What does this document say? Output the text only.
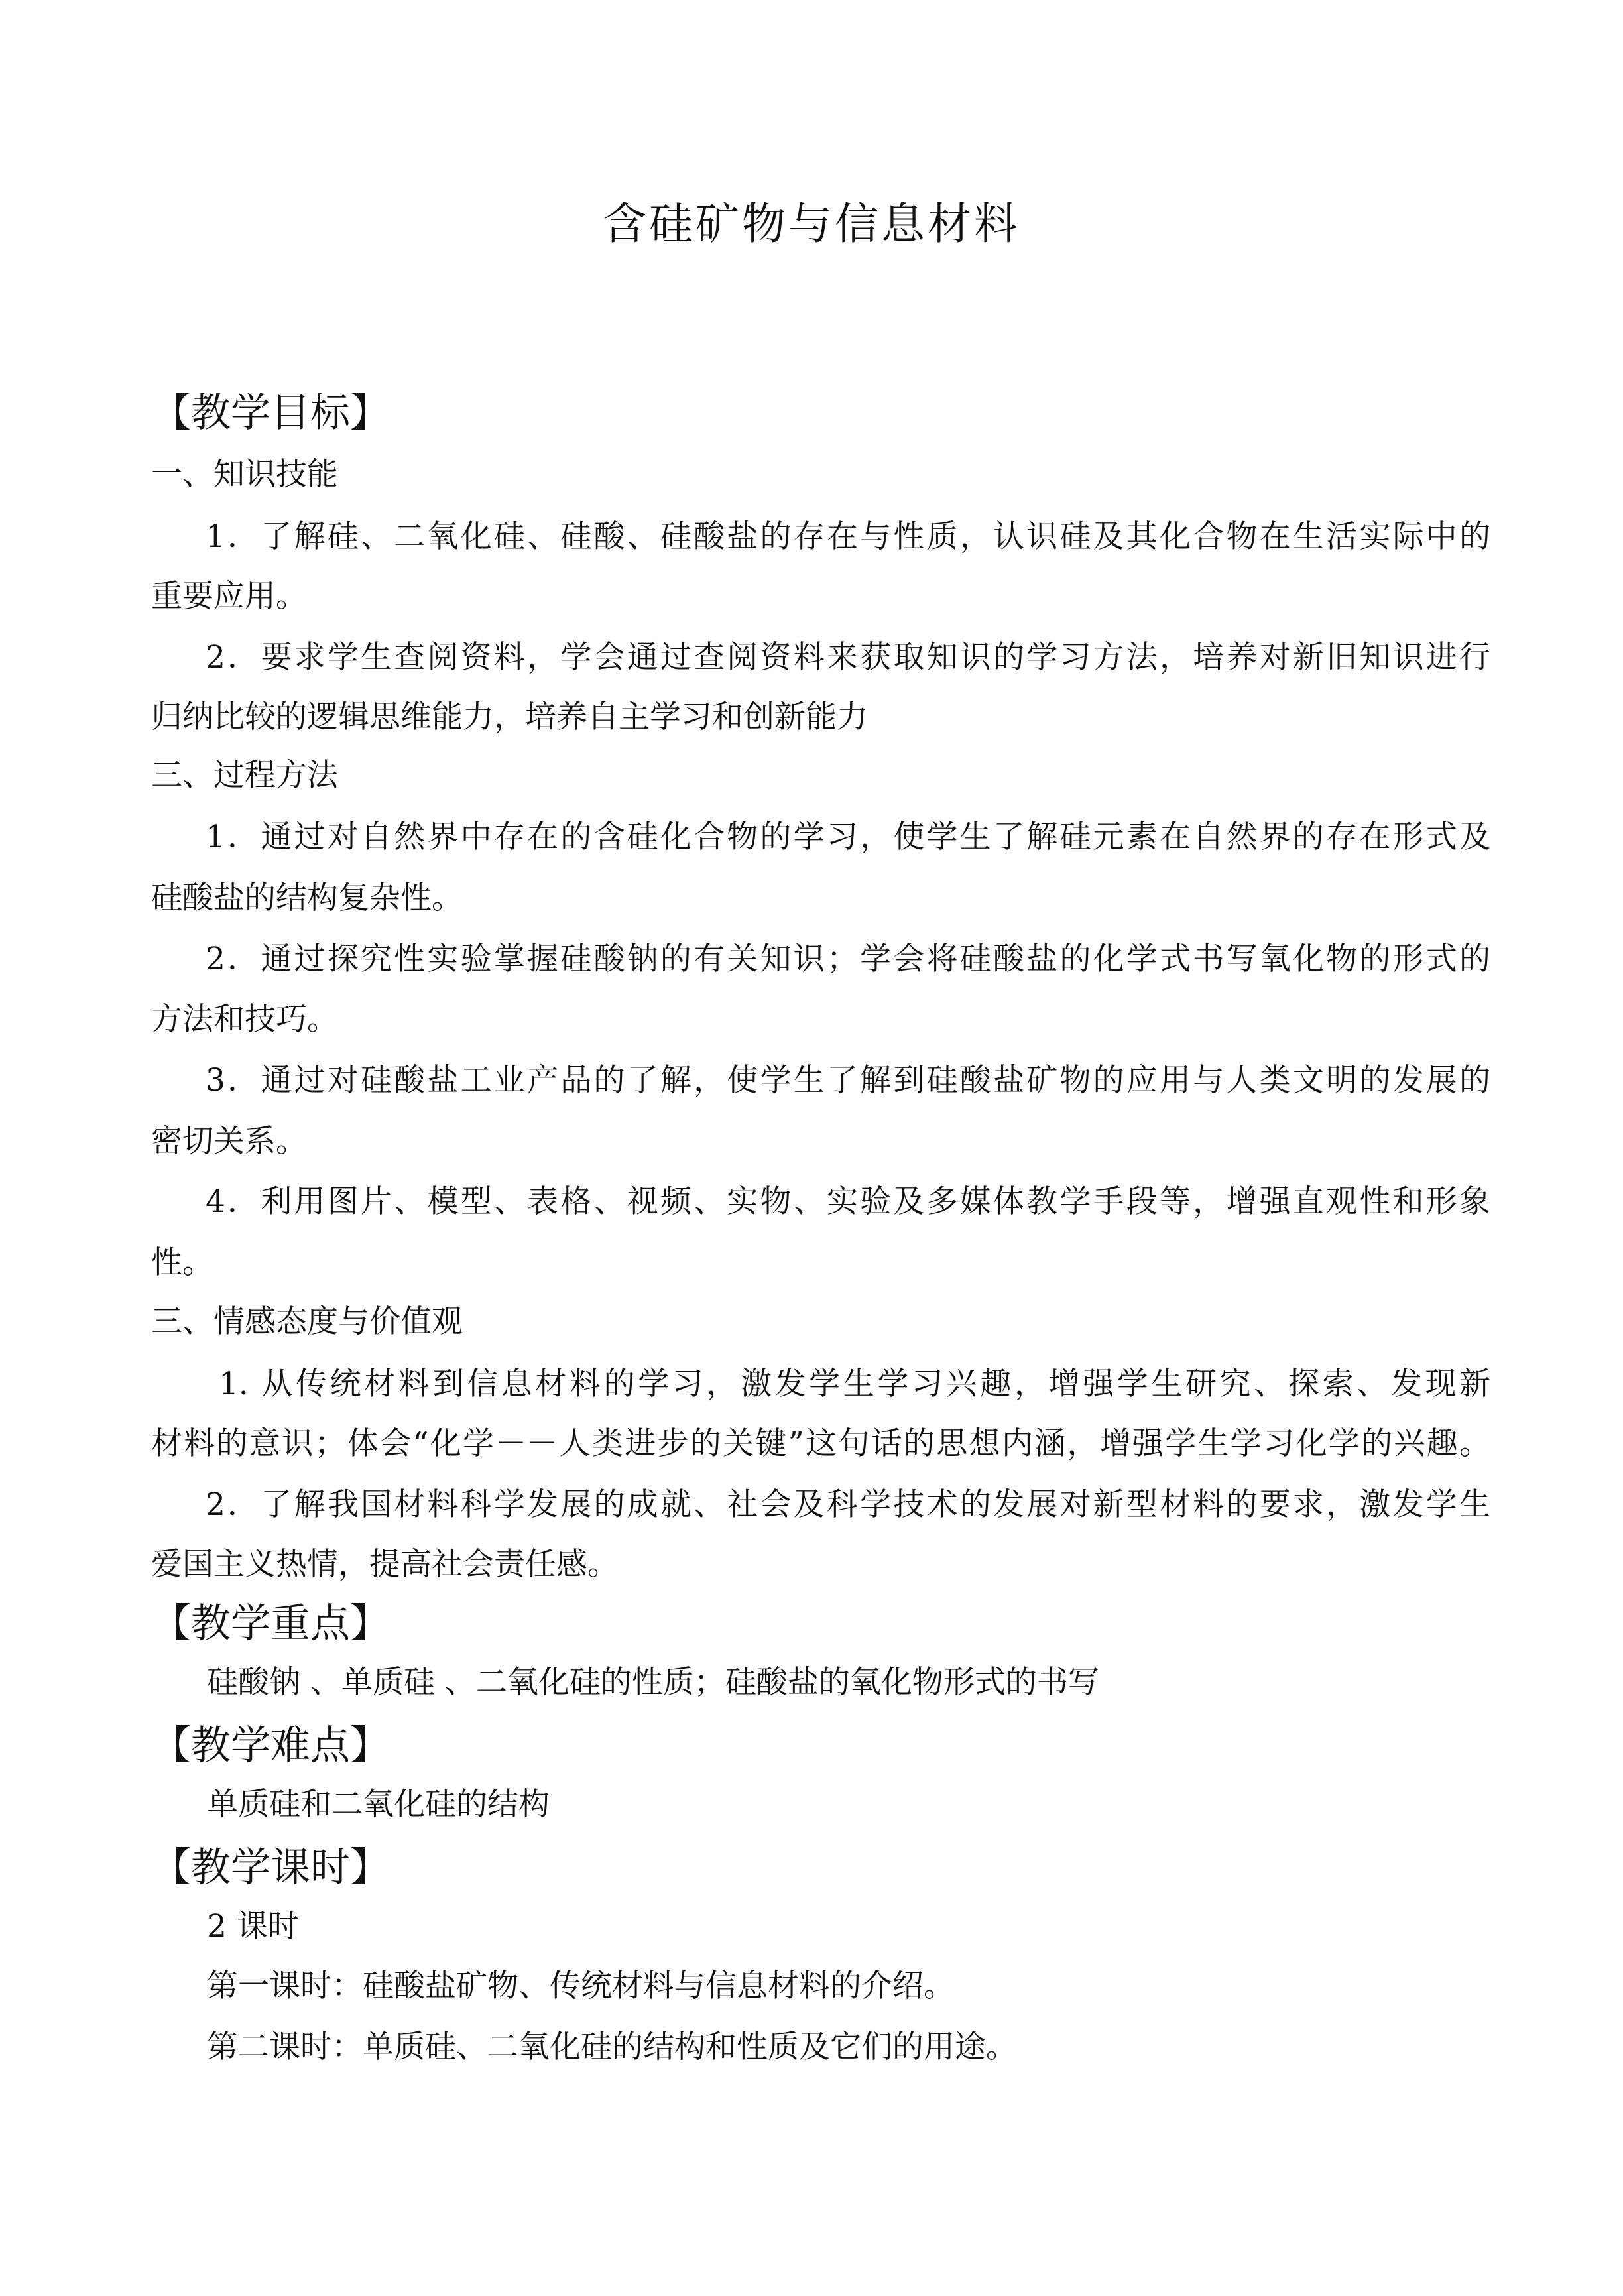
含硅矿物与信息材料
【教学目标】
一、知识技能
1．了解硅、二氧化硅、硅酸、硅酸盐的存在与性质，认识硅及其化合物在生活实际中的
重要应用。
2．要求学生查阅资料，学会通过查阅资料来获取知识的学习方法，培养对新旧知识进行
归纳比较的逻辑思维能力，培养自主学习和创新能力
三、过程方法
1．通过对自然界中存在的含硅化合物的学习，使学生了解硅元素在自然界的存在形式及
硅酸盐的结构复杂性。
2．通过探究性实验掌握硅酸钠的有关知识；学会将硅酸盐的化学式书写氧化物的形式的
方法和技巧。
3．通过对硅酸盐工业产品的了解，使学生了解到硅酸盐矿物的应用与人类文明的发展的
密切关系。
4．利用图片、模型、表格、视频、实物、实验及多媒体教学手段等，增强直观性和形象
性。
三、情感态度与价值观
1. 从传统材料到信息材料的学习，激发学生学习兴趣，增强学生研究、探索、发现新
材料的意识；体会“化学－－人类进步的关键”这句话的思想内涵，增强学生学习化学的兴趣。
2．了解我国材料科学发展的成就、社会及科学技术的发展对新型材料的要求，激发学生
爱国主义热情，提高社会责任感。
【教学重点】
硅酸钠 、单质硅 、二氧化硅的性质；硅酸盐的氧化物形式的书写
【教学难点】
单质硅和二氧化硅的结构
【教学课时】
2 课时
第一课时：硅酸盐矿物、传统材料与信息材料的介绍。
第二课时：单质硅、二氧化硅的结构和性质及它们的用途。
